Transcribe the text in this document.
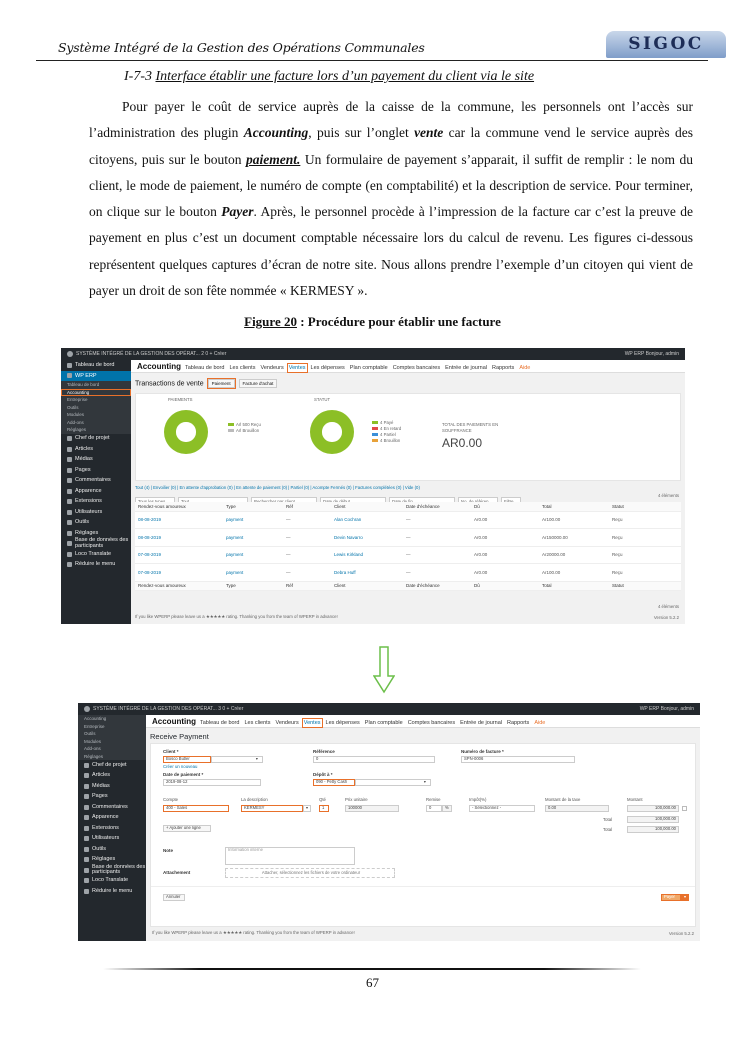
Système Intégré de la Gestion des Opérations Communales	SIGOC
I-7-3 Interface établir une facture lors d’un payement du client via le site

Pour payer le coût de service auprès de la caisse de la commune, les personnels ont l’accès sur l’administration des plugin Accounting, puis sur l’onglet vente car la commune vend le service auprès des citoyens, puis sur le bouton paiement. Un formulaire de payement s’apparait, il suffit de remplir : le nom du client, le mode de paiement, le numéro de compte (en comptabilité) et la description de service. Pour terminer, on clique sur le bouton Payer. Après, le personnel procède à l’impression de la facture car c’est la preuve de payement en plus c’est un document comptable nécessaire lors du calcul de revenu. Les figures ci-dessous représentent quelques captures d’écran de notre site. Nous allons prendre l’exemple d’un citoyen qui vient de payer un droit de son fête nommée « KERMESY ».

Figure 20 : Procédure pour établir une facture
SYSTÈME INTÉGRÉ DE LA GESTION DES OPÉRAT... 2 0 + Créer	WP ERP Bonjour, admin
Tableau de bord
WP ERP
Tableau de bord
Accounting
Entreprise
Outils
Modules
Add-ons
Réglages
Chef de projet
Articles
Médias
Pages
Commentaires
Apparence
Extensions
Utilisateurs
Outils
Réglages
Base de données des participants
Loco Translate
Réduire le menu
Accounting Tableau de bord Les clients Vendeurs Ventes Les dépenses Plan comptable Comptes bancaires Entrée de journal Rapports Aide
Transactions de vente Paiement	Facture d'achat
PAIEMENTS
Arl 500 Reçu
Arl Brouillon
STATUT
4 Payé
4 En retard
4 Partiel
4 Brouillon
TOTAL DES PAIEMENTS EN SOUFFRANCE
AR0.00
Tout (4) | Envoilier (0) | En attente d'approbation (0) | En attente de paiement (0) | Partiel (0) | Acompte Fermés (0) | Factures complétées (0) | Vide (0)
4 éléments
Rendez-vous amoureux	Type	Réf	Client	Date d'échéance	Dû	Total	Statut
08-08-2019	payment	—	Alan Cochran	—	Ar0.00	Ar100.00	Reçu
08-08-2019	payment	—	Devin Navarro	—	Ar0.00	Ar150000.00	Reçu
07-08-2019	payment	—	Lewis Kirkland	—	Ar0.00	Ar20000.00	Reçu
07-08-2019	payment	—	Debra Huff	—	Ar0.00	Ar100.00	Reçu
Rendez-vous amoureux	Type	Réf	Client	Date d'échéance	Dû	Total	Statut
4 éléments
If you like WPERP please leave us a ★★★★★ rating. Thanking you from the team of WPERP in advance!	Version 5.2.2
SYSTÈME INTÉGRÉ DE LA GESTION DES OPÉRAT... 3 0 + Créer	WP ERP Bonjour, admin
Accounting
Entreprise
Outils
Modules
Add-ons
Réglages
Chef de projet
Articles
Médias
Pages
Commentaires
Apparence
Extensions
Utilisateurs
Outils
Réglages
Base de données des participants
Loco Translate
Réduire le menu
Accounting Tableau de bord Les clients Vendeurs Ventes Les dépenses Plan comptable Comptes bancaires Entrée de journal Rapports Aide
Receive Payment
Client *
Bosco Butler	▾
Créer un nouveau
Référence
0
Numéro de facture *
SPN-0006
Date de paiement *
2019-08-12
Dépôt à *
090 - Petty Cash	▾
Compte	La description	Qté	Prix unitaire	Remise	Impôt(%)	Montant de la taxe	Montant
400 - Sales	KERMESY	▾	1	100000	0	%	- Sélectionnez -	0.00	100,000.00
Total	100,000.00
+ Ajouter une ligne	Total	100,000.00
Note	Information interne
Attachement	Attacher, sélectionnez les fichiers de votre ordinateur
Annuler	Payer	▾
If you like WPERP please leave us a ★★★★★ rating. Thanking you from the team of WPERP in advance!	Version 5.2.2
67
